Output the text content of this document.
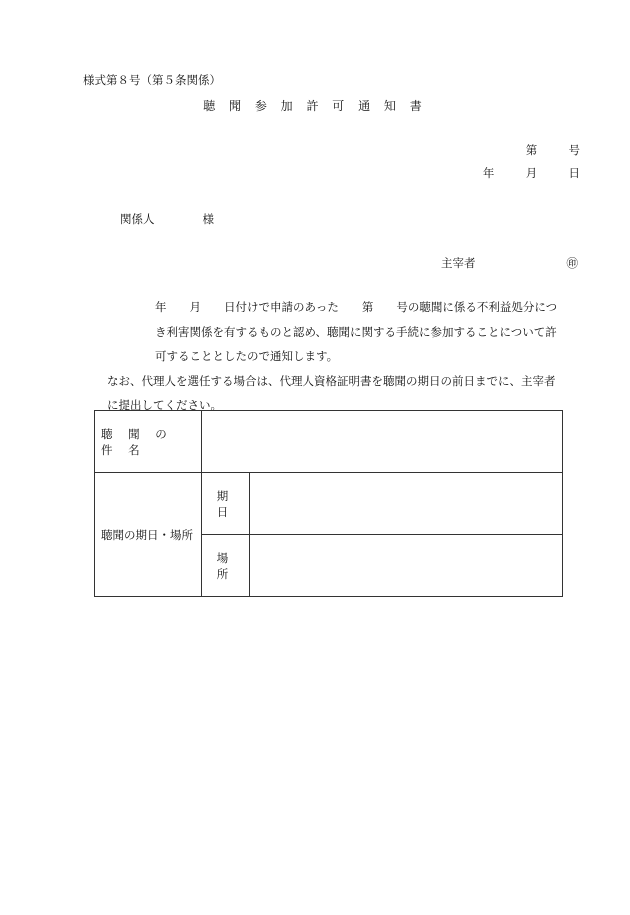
様式第８号（第５条関係）
聴 聞 参 加 許 可 通 知 書
第	号
年	月	日
関係人	様
主宰者	㊞

年　　月　　日付けで申請のあった　　第　　号の聴聞に係る不利益処分につき利害関係を有するものと認め、聴聞に関する手続に参加することについて許可することとしたので通知します。

なお、代理人を選任する場合は、代理人資格証明書を聴聞の期日の前日までに、主宰者に提出してください。

聴 聞 の 件 名		
聴聞の期日・場所	期 日	
	場 所	
